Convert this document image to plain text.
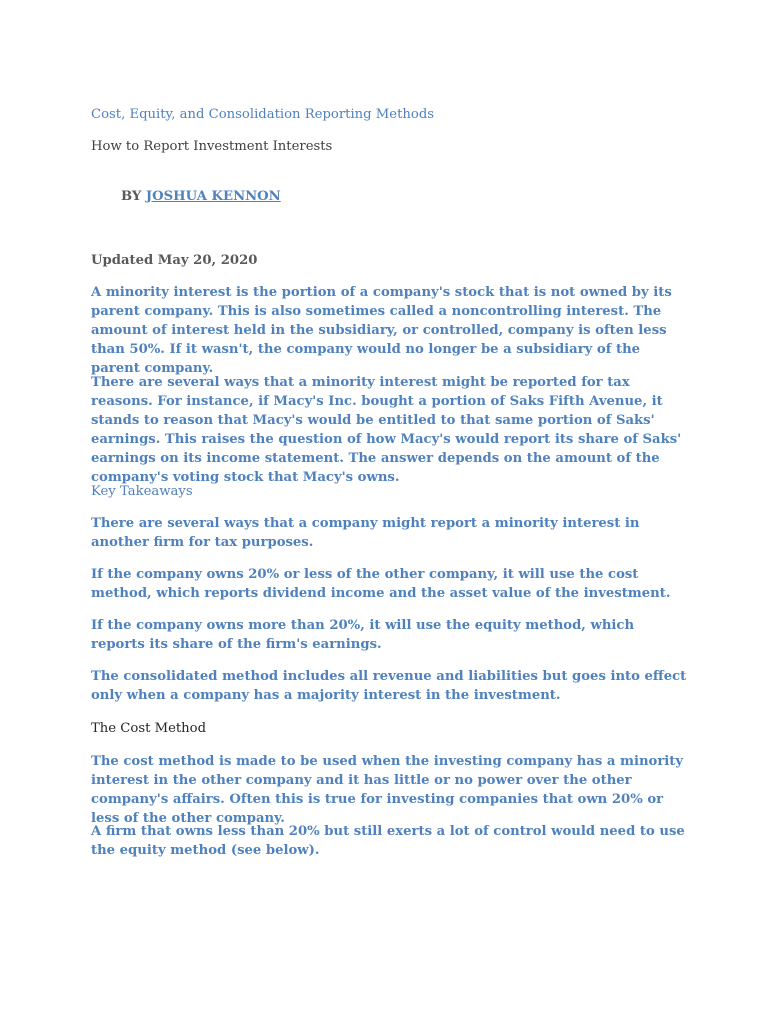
Cost, Equity, and Consolidation Reporting Methods

How to Report Investment Interests

BY JOSHUA KENNON

Updated May 20, 2020

A minority interest is the portion of a company's stock that is not owned by its parent company. This is also sometimes called a noncontrolling interest. The amount of interest held in the subsidiary, or controlled, company is often less than 50%. If it wasn't, the company would no longer be a subsidiary of the parent company.

There are several ways that a minority interest might be reported for tax reasons. For instance, if Macy's Inc. bought a portion of Saks Fifth Avenue, it stands to reason that Macy's would be entitled to that same portion of Saks' earnings. This raises the question of how Macy's would report its share of Saks' earnings on its income statement. The answer depends on the amount of the company's voting stock that Macy's owns.

Key Takeaways

There are several ways that a company might report a minority interest in another firm for tax purposes.

If the company owns 20% or less of the other company, it will use the cost method, which reports dividend income and the asset value of the investment.

If the company owns more than 20%, it will use the equity method, which reports its share of the firm's earnings.

The consolidated method includes all revenue and liabilities but goes into effect only when a company has a majority interest in the investment.

The Cost Method

The cost method is made to be used when the investing company has a minority interest in the other company and it has little or no power over the other company's affairs. Often this is true for investing companies that own 20% or less of the other company.

A firm that owns less than 20% but still exerts a lot of control would need to use the equity method (see below).
